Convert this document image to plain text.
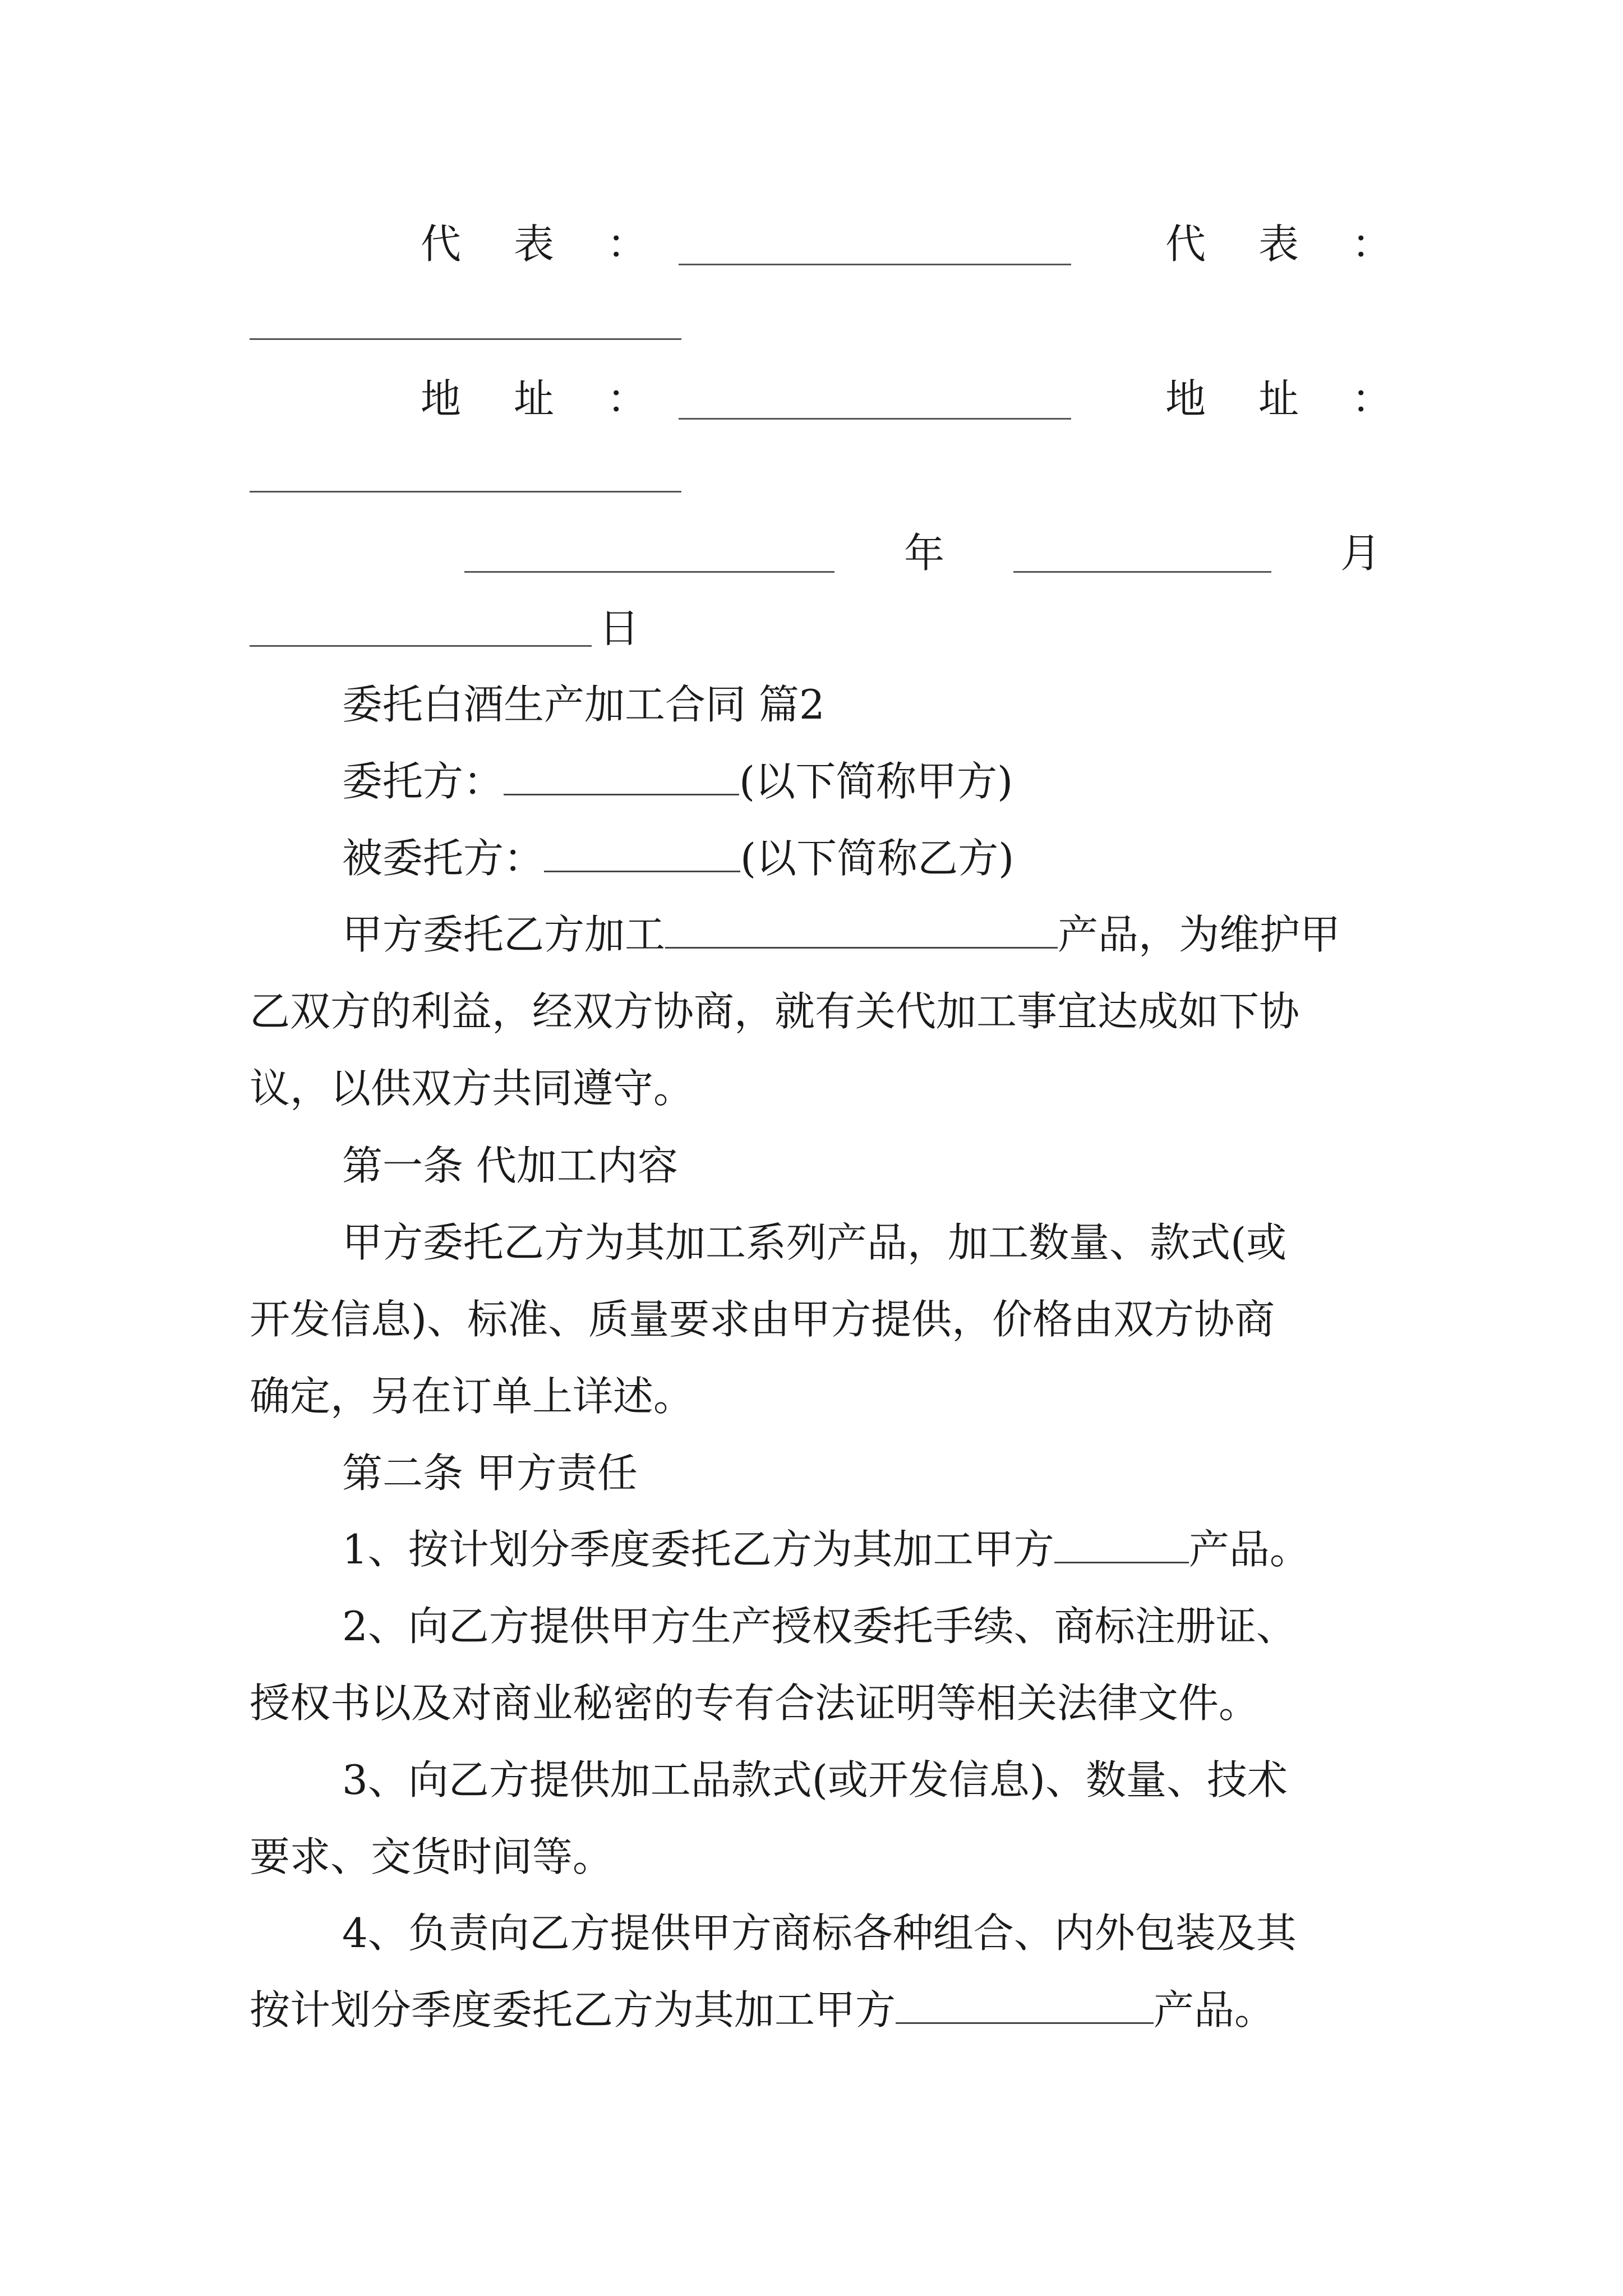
代表：	代表：
地址：	地址：
年	月
日
委托白酒生产加工合同 篇2
委托方：	(以下简称甲方)
被委托方：	(以下简称乙方)
甲方委托乙方加工	产品，为维护甲
乙双方的利益，经双方协商，就有关代加工事宜达成如下协
议，以供双方共同遵守。
第一条 代加工内容
甲方委托乙方为其加工系列产品，加工数量、款式(或
开发信息)、标准、质量要求由甲方提供，价格由双方协商
确定，另在订单上详述。
第二条 甲方责任
1、按计划分季度委托乙方为其加工甲方	产品。
2、向乙方提供甲方生产授权委托手续、商标注册证、
授权书以及对商业秘密的专有合法证明等相关法律文件。
3、向乙方提供加工品款式(或开发信息)、数量、技术
要求、交货时间等。
4、负责向乙方提供甲方商标各种组合、内外包装及其
按计划分季度委托乙方为其加工甲方	产品。
